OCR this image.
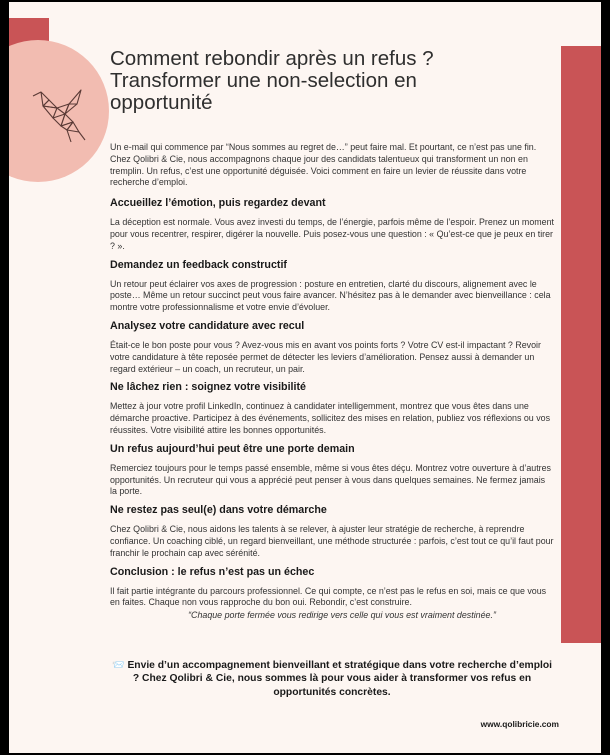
Comment rebondir après un refus ?
Transformer une non-selection en
opportunité

Un e-mail qui commence par “Nous sommes au regret de…” peut faire mal. Et pourtant, ce n’est pas une fin. Chez Qolibri & Cie, nous accompagnons chaque jour des candidats talentueux qui transforment un non en tremplin. Un refus, c’est une opportunité déguisée. Voici comment en faire un levier de réussite dans votre recherche d’emploi.

Accueillez l’émotion, puis regardez devant

La déception est normale. Vous avez investi du temps, de l’énergie, parfois même de l’espoir. Prenez un moment pour vous recentrer, respirer, digérer la nouvelle. Puis posez-vous une question : « Qu’est-ce que je peux en tirer ? ».

Demandez un feedback constructif

Un retour peut éclairer vos axes de progression : posture en entretien, clarté du discours, alignement avec le poste… Même un retour succinct peut vous faire avancer. N’hésitez pas à le demander avec bienveillance : cela montre votre professionnalisme et votre envie d’évoluer.

Analysez votre candidature avec recul

Était-ce le bon poste pour vous ? Avez-vous mis en avant vos points forts ? Votre CV est-il impactant ? Revoir votre candidature à tête reposée permet de détecter les leviers d’amélioration. Pensez aussi à demander un regard extérieur – un coach, un recruteur, un pair.

Ne lâchez rien : soignez votre visibilité

Mettez à jour votre profil LinkedIn, continuez à candidater intelligemment, montrez que vous êtes dans une démarche proactive. Participez à des événements, sollicitez des mises en relation, publiez vos réflexions ou vos réussites. Votre visibilité attire les bonnes opportunités.

Un refus aujourd’hui peut être une porte demain

Remerciez toujours pour le temps passé ensemble, même si vous êtes déçu. Montrez votre ouverture à d’autres opportunités. Un recruteur qui vous a apprécié peut penser à vous dans quelques semaines. Ne fermez jamais la porte.

Ne restez pas seul(e) dans votre démarche

Chez Qolibri & Cie, nous aidons les talents à se relever, à ajuster leur stratégie de recherche, à reprendre confiance. Un coaching ciblé, un regard bienveillant, une méthode structurée : parfois, c’est tout ce qu’il faut pour franchir le prochain cap avec sérénité.

Conclusion : le refus n’est pas un échec

Il fait partie intégrante du parcours professionnel. Ce qui compte, ce n’est pas le refus en soi, mais ce que vous en faites. Chaque non vous rapproche du bon oui. Rebondir, c’est construire.

“Chaque porte fermée vous redirige vers celle qui vous est vraiment destinée.”

📨 Envie d’un accompagnement bienveillant et stratégique dans votre recherche d’emploi ? Chez Qolibri & Cie, nous sommes là pour vous aider à transformer vos refus en opportunités concrètes.
www.qolibricie.com
